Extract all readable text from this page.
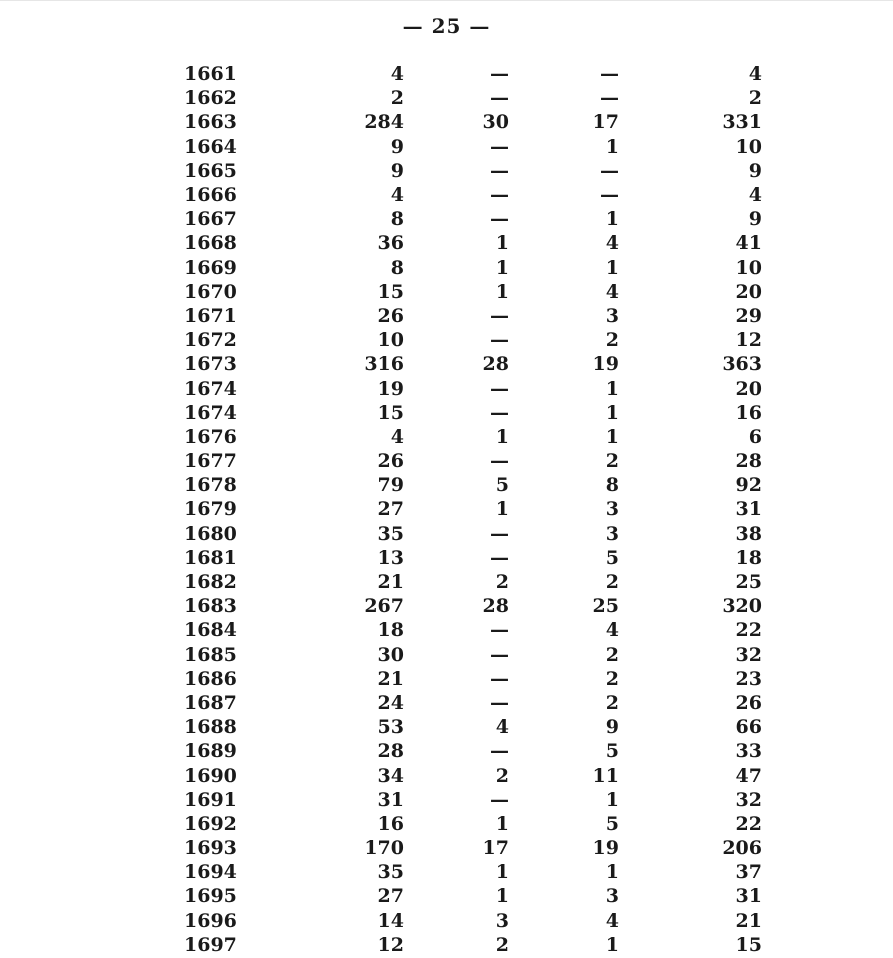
— 25 —
1661	4	—	—	4
1662	2	—	—	2
1663	284	30	17	331
1664	9	—	1	10
1665	9	—	—	9
1666	4	—	—	4
1667	8	—	1	9
1668	36	1	4	41
1669	8	1	1	10
1670	15	1	4	20
1671	26	—	3	29
1672	10	—	2	12
1673	316	28	19	363
1674	19	—	1	20
1674	15	—	1	16
1676	4	1	1	6
1677	26	—	2	28
1678	79	5	8	92
1679	27	1	3	31
1680	35	—	3	38
1681	13	—	5	18
1682	21	2	2	25
1683	267	28	25	320
1684	18	—	4	22
1685	30	—	2	32
1686	21	—	2	23
1687	24	—	2	26
1688	53	4	9	66
1689	28	—	5	33
1690	34	2	11	47
1691	31	—	1	32
1692	16	1	5	22
1693	170	17	19	206
1694	35	1	1	37
1695	27	1	3	31
1696	14	3	4	21
1697	12	2	1	15
